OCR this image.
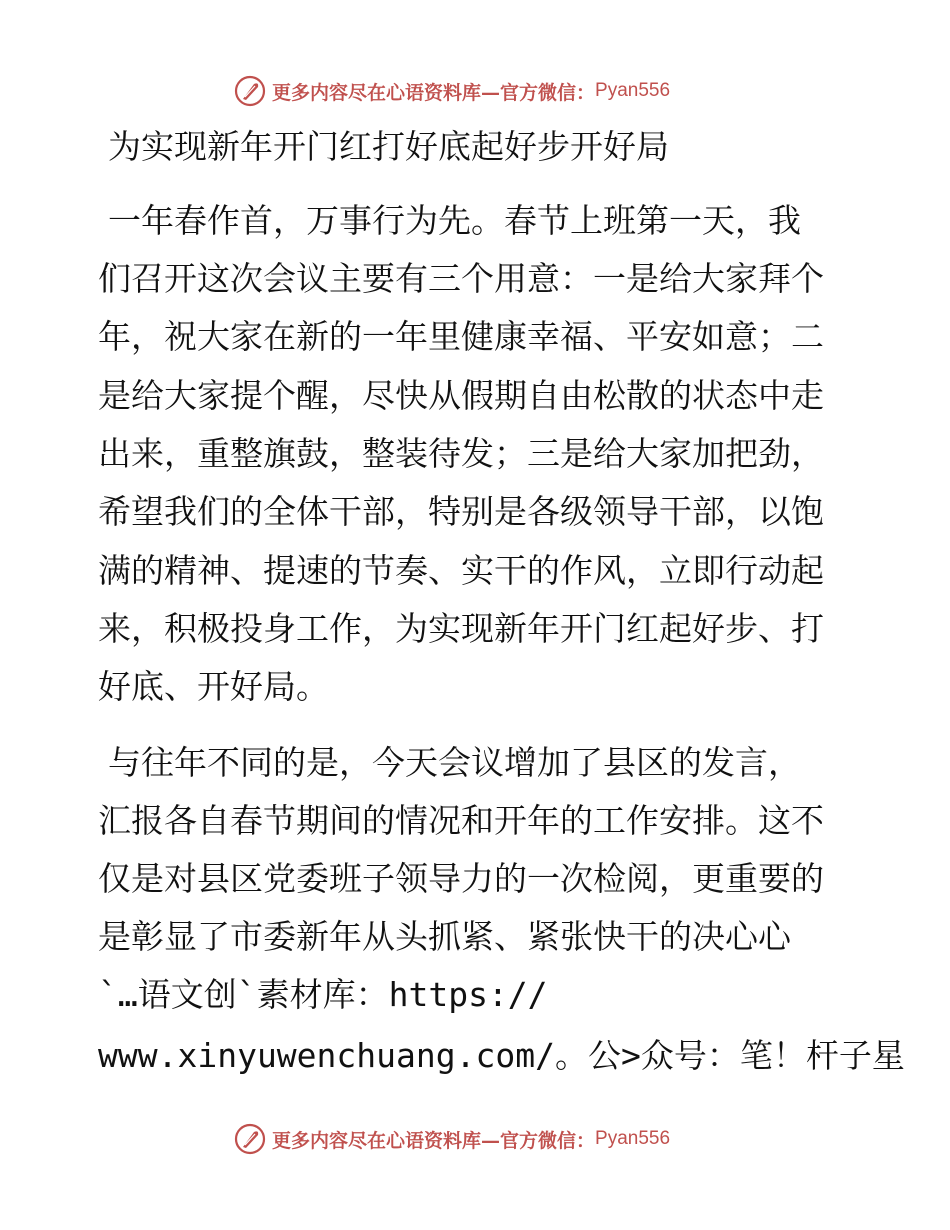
更多内容尽在心语资料库—官方微信： Pyan556
为实现新年开门红打好底起好步开好局
一年春作首，万事行为先。春节上班第一天，我
们召开这次会议主要有三个用意：一是给大家拜个
年，祝大家在新的一年里健康幸福、平安如意；二
是给大家提个醒，尽快从假期自由松散的状态中走
出来，重整旗鼓，整装待发；三是给大家加把劲，
希望我们的全体干部，特别是各级领导干部，以饱
满的精神、提速的节奏、实干的作风，立即行动起
来，积极投身工作，为实现新年开门红起好步、打
好底、开好局。
与往年不同的是，今天会议增加了县区的发言，
汇报各自春节期间的情况和开年的工作安排。这不
仅是对县区党委班子领导力的一次检阅，更重要的
是彰显了市委新年从头抓紧、紧张快干的决心心
`…语文创`素材库：https://
www.xinyuwenchuang.com/。公>众号：笔！杆子星
更多内容尽在心语资料库—官方微信： Pyan556
